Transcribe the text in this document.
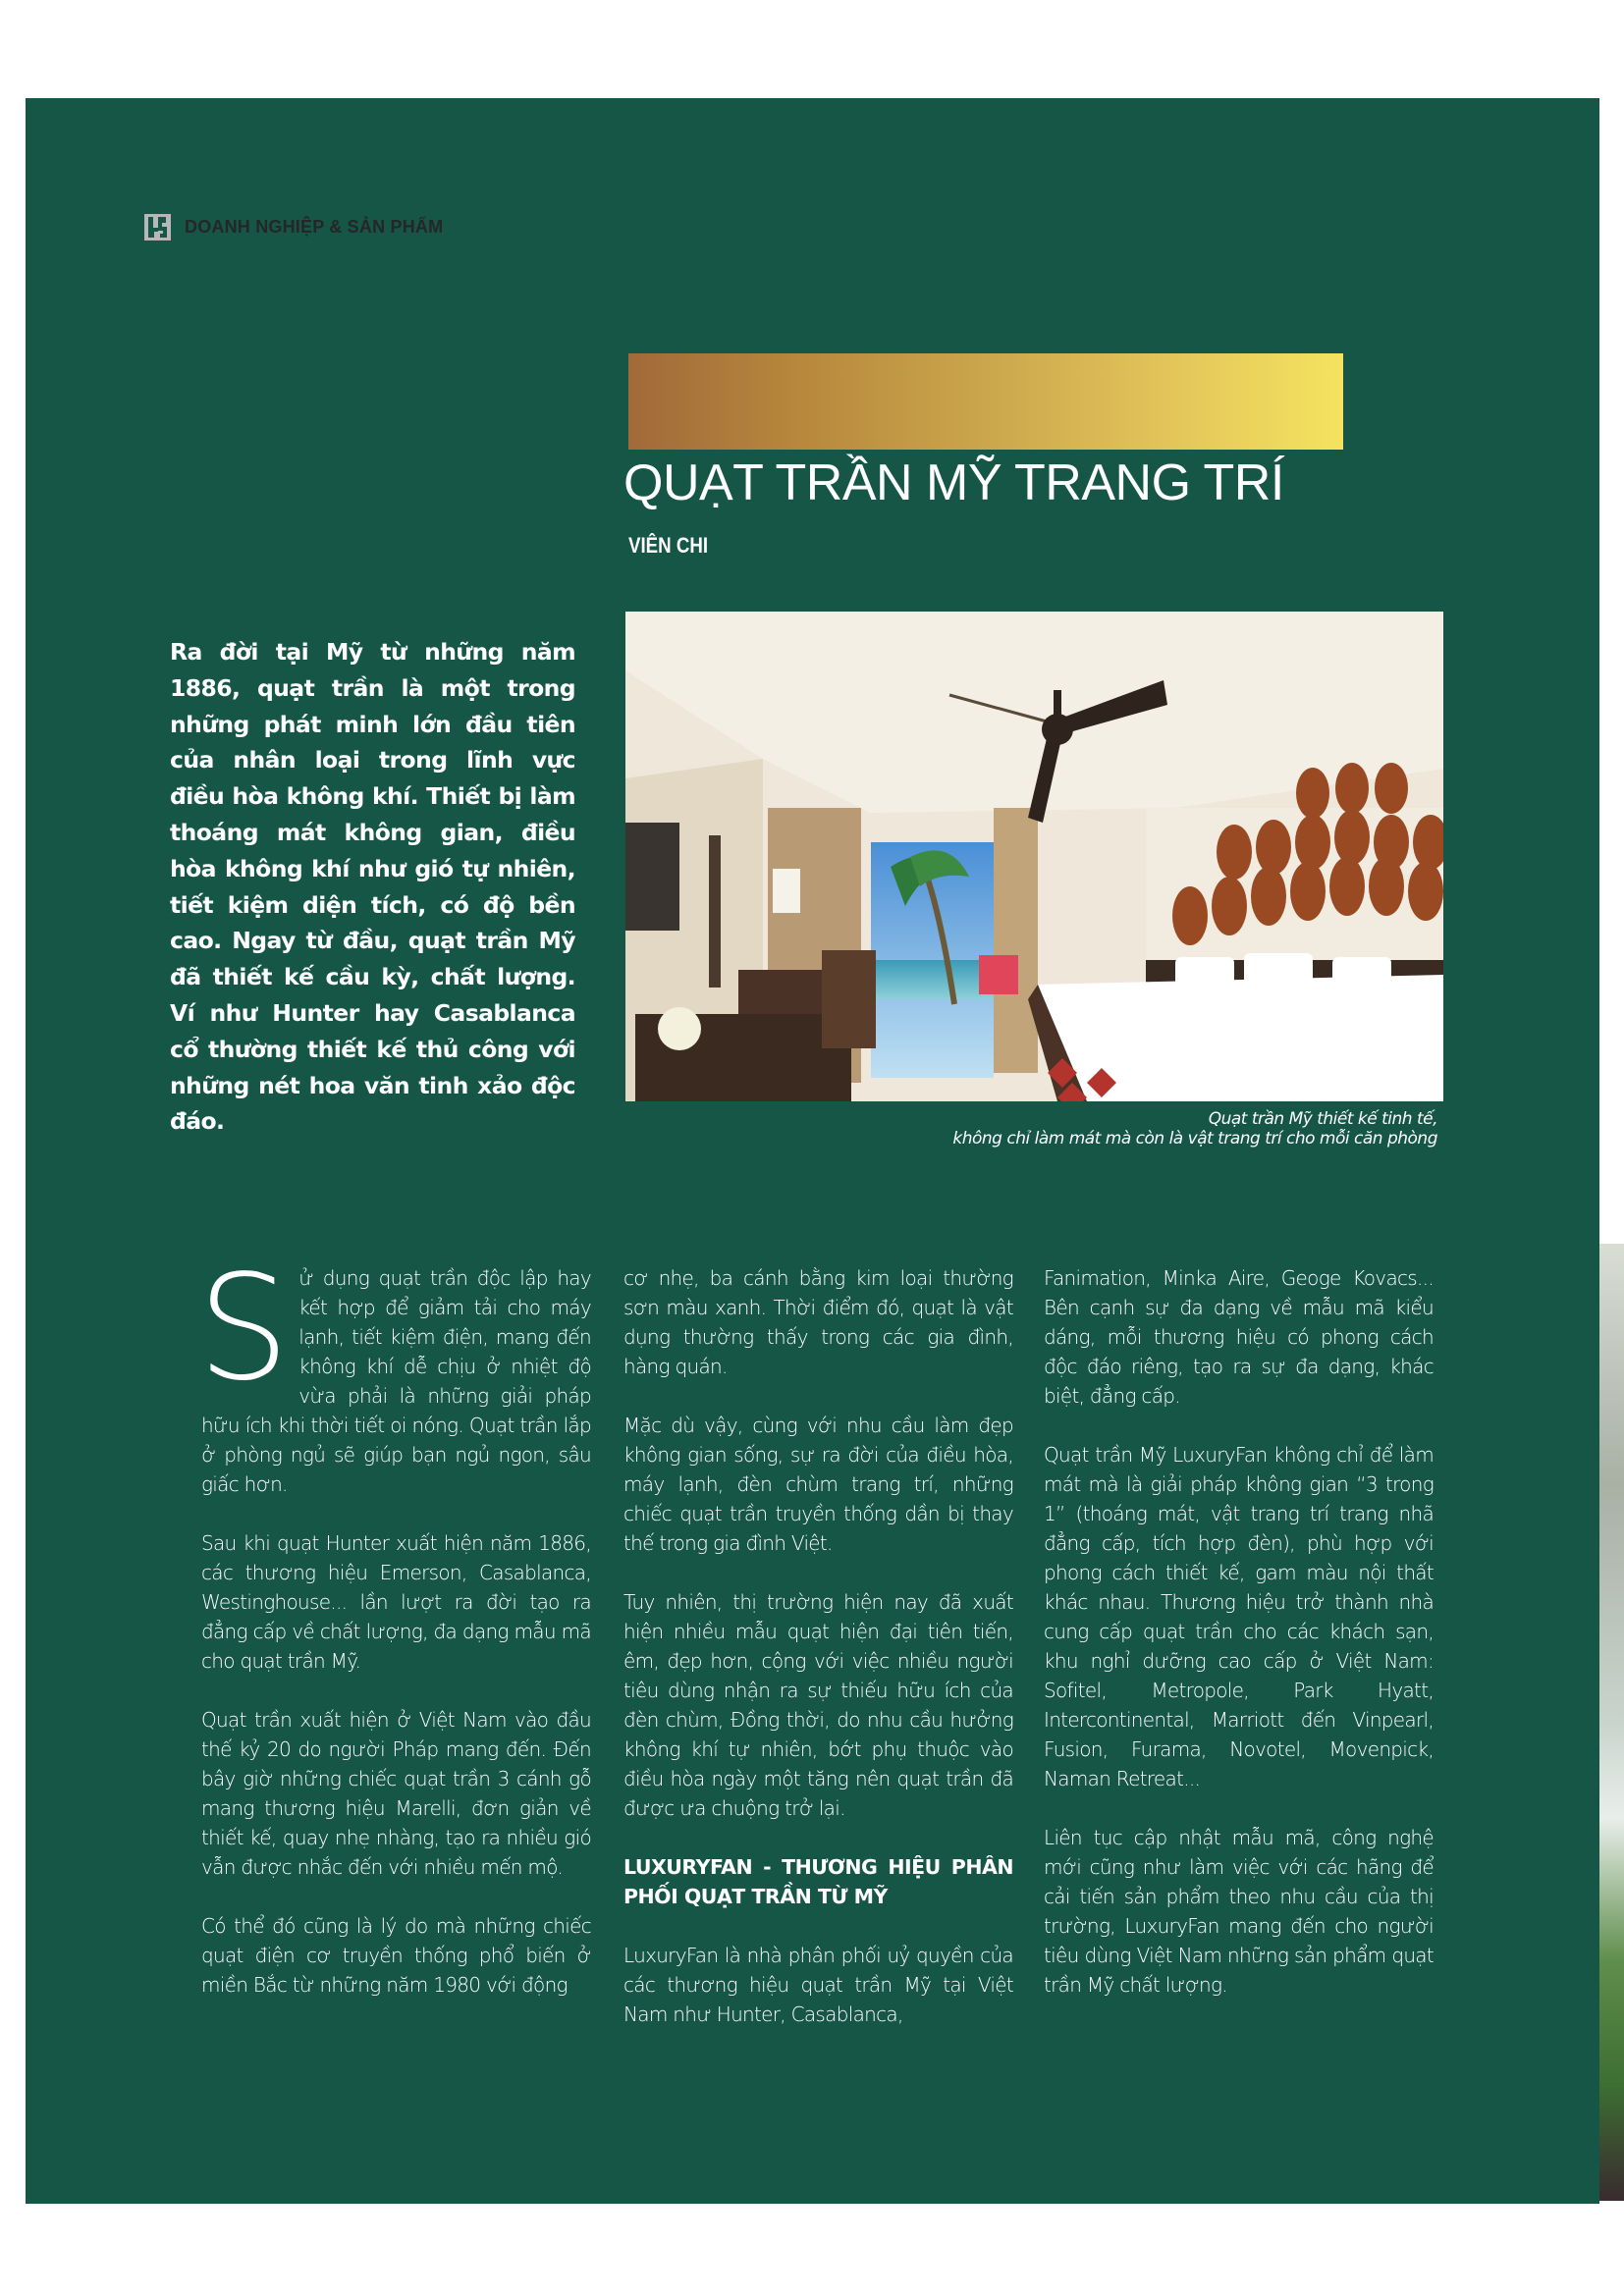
DOANH NGHIỆP & SẢN PHẨM
QUẠT TRẦN MỸ TRANG TRÍ
VIÊN CHI
Ra đời tại Mỹ từ những năm 1886, quạt trần là một trong những phát minh lớn đầu tiên của nhân loại trong lĩnh vực điều hòa không khí. Thiết bị làm thoáng mát không gian, điều hòa không khí như gió tự nhiên, tiết kiệm diện tích, có độ bền cao. Ngay từ đầu, quạt trần Mỹ đã thiết kế cầu kỳ, chất lượng. Ví như Hunter hay Casablanca cổ thường thiết kế thủ công với những nét hoa văn tinh xảo độc đáo.	Quạt trần Mỹ thiết kế tinh tế,
không chỉ làm mát mà còn là vật trang trí cho mỗi căn phòng

Sử dụng quạt trần độc lập hay kết hợp để giảm tải cho máy lạnh, tiết kiệm điện, mang đến không khí dễ chịu ở nhiệt độ vừa phải là những giải pháp hữu ích khi thời tiết oi nóng. Quạt trần lắp ở phòng ngủ sẽ giúp bạn ngủ ngon, sâu giấc hơn.

Sau khi quạt Hunter xuất hiện năm 1886, các thương hiệu Emerson, Casablanca, Westinghouse... lần lượt ra đời tạo ra đẳng cấp về chất lượng, đa dạng mẫu mã cho quạt trần Mỹ.

Quạt trần xuất hiện ở Việt Nam vào đầu thế kỷ 20 do người Pháp mang đến. Đến bây giờ những chiếc quạt trần 3 cánh gỗ mang thương hiệu Marelli, đơn giản về thiết kế, quay nhẹ nhàng, tạo ra nhiều gió vẫn được nhắc đến với nhiều mến mộ.

Có thể đó cũng là lý do mà những chiếc quạt điện cơ truyền thống phổ biến ở miền Bắc từ những năm 1980 với động

cơ nhẹ, ba cánh bằng kim loại thường sơn màu xanh. Thời điểm đó, quạt là vật dụng thường thấy trong các gia đình, hàng quán.

Mặc dù vậy, cùng với nhu cầu làm đẹp không gian sống, sự ra đời của điều hòa, máy lạnh, đèn chùm trang trí, những chiếc quạt trần truyền thống dần bị thay thế trong gia đình Việt.

Tuy nhiên, thị trường hiện nay đã xuất hiện nhiều mẫu quạt hiện đại tiên tiến, êm, đẹp hơn, cộng với việc nhiều người tiêu dùng nhận ra sự thiếu hữu ích của đèn chùm, Đồng thời, do nhu cầu hưởng không khí tự nhiên, bớt phụ thuộc vào điều hòa ngày một tăng nên quạt trần đã được ưa chuộng trở lại.

LUXURYFAN - THƯƠNG HIỆU PHÂN PHỐI QUẠT TRẦN TỪ MỸ

LuxuryFan là nhà phân phối uỷ quyền của các thương hiệu quạt trần Mỹ tại Việt Nam như Hunter, Casablanca,

Fanimation, Minka Aire, Geoge Kovacs... Bên cạnh sự đa dạng về mẫu mã kiểu dáng, mỗi thương hiệu có phong cách độc đáo riêng, tạo ra sự đa dạng, khác biệt, đẳng cấp.

Quạt trần Mỹ LuxuryFan không chỉ để làm mát mà là giải pháp không gian “3 trong 1” (thoáng mát, vật trang trí trang nhã đẳng cấp, tích hợp đèn), phù hợp với phong cách thiết kế, gam màu nội thất khác nhau. Thương hiệu trở thành nhà cung cấp quạt trần cho các khách sạn, khu nghỉ dưỡng cao cấp ở Việt Nam: Sofitel, Metropole, Park Hyatt, Intercontinental, Marriott đến Vinpearl, Fusion, Furama, Novotel, Movenpick, Naman Retreat...

Liên tục cập nhật mẫu mã, công nghệ mới cũng như làm việc với các hãng để cải tiến sản phẩm theo nhu cầu của thị trường, LuxuryFan mang đến cho người tiêu dùng Việt Nam những sản phẩm quạt trần Mỹ chất lượng.
